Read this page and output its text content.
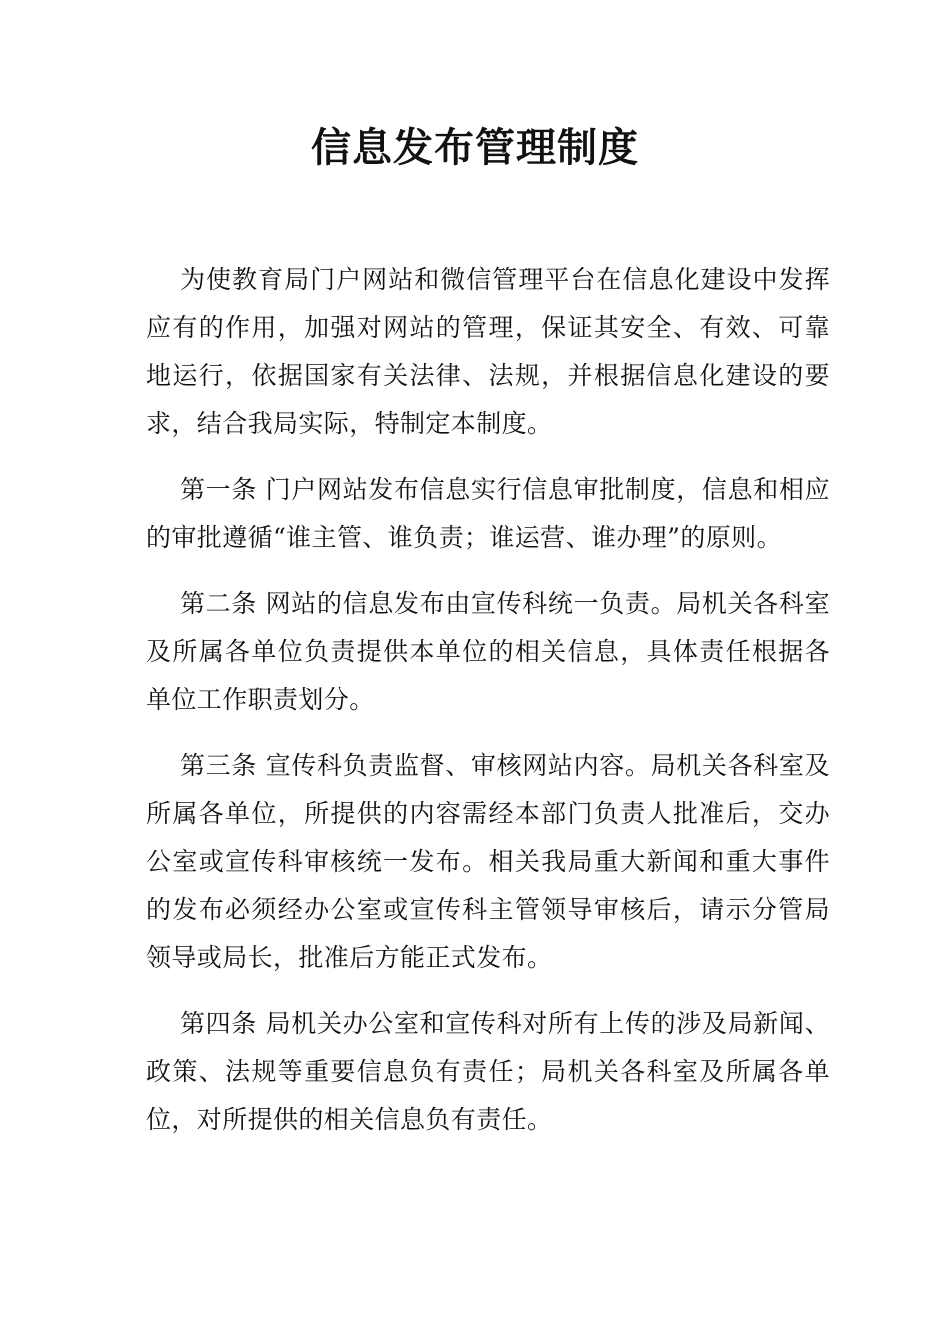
信息发布管理制度

为使教育局门户网站和微信管理平台在信息化建设中发挥应有的作用，加强对网站的管理，保证其安全、有效、可靠地运行，依据国家有关法律、法规，并根据信息化建设的要求，结合我局实际，特制定本制度。

第一条 门户网站发布信息实行信息审批制度，信息和相应的审批遵循“谁主管、谁负责；谁运营、谁办理”的原则。

第二条 网站的信息发布由宣传科统一负责。局机关各科室及所属各单位负责提供本单位的相关信息，具体责任根据各单位工作职责划分。

第三条 宣传科负责监督、审核网站内容。局机关各科室及所属各单位，所提供的内容需经本部门负责人批准后，交办公室或宣传科审核统一发布。相关我局重大新闻和重大事件的发布必须经办公室或宣传科主管领导审核后，请示分管局领导或局长，批准后方能正式发布。

第四条 局机关办公室和宣传科对所有上传的涉及局新闻、政策、法规等重要信息负有责任；局机关各科室及所属各单位，对所提供的相关信息负有责任。
